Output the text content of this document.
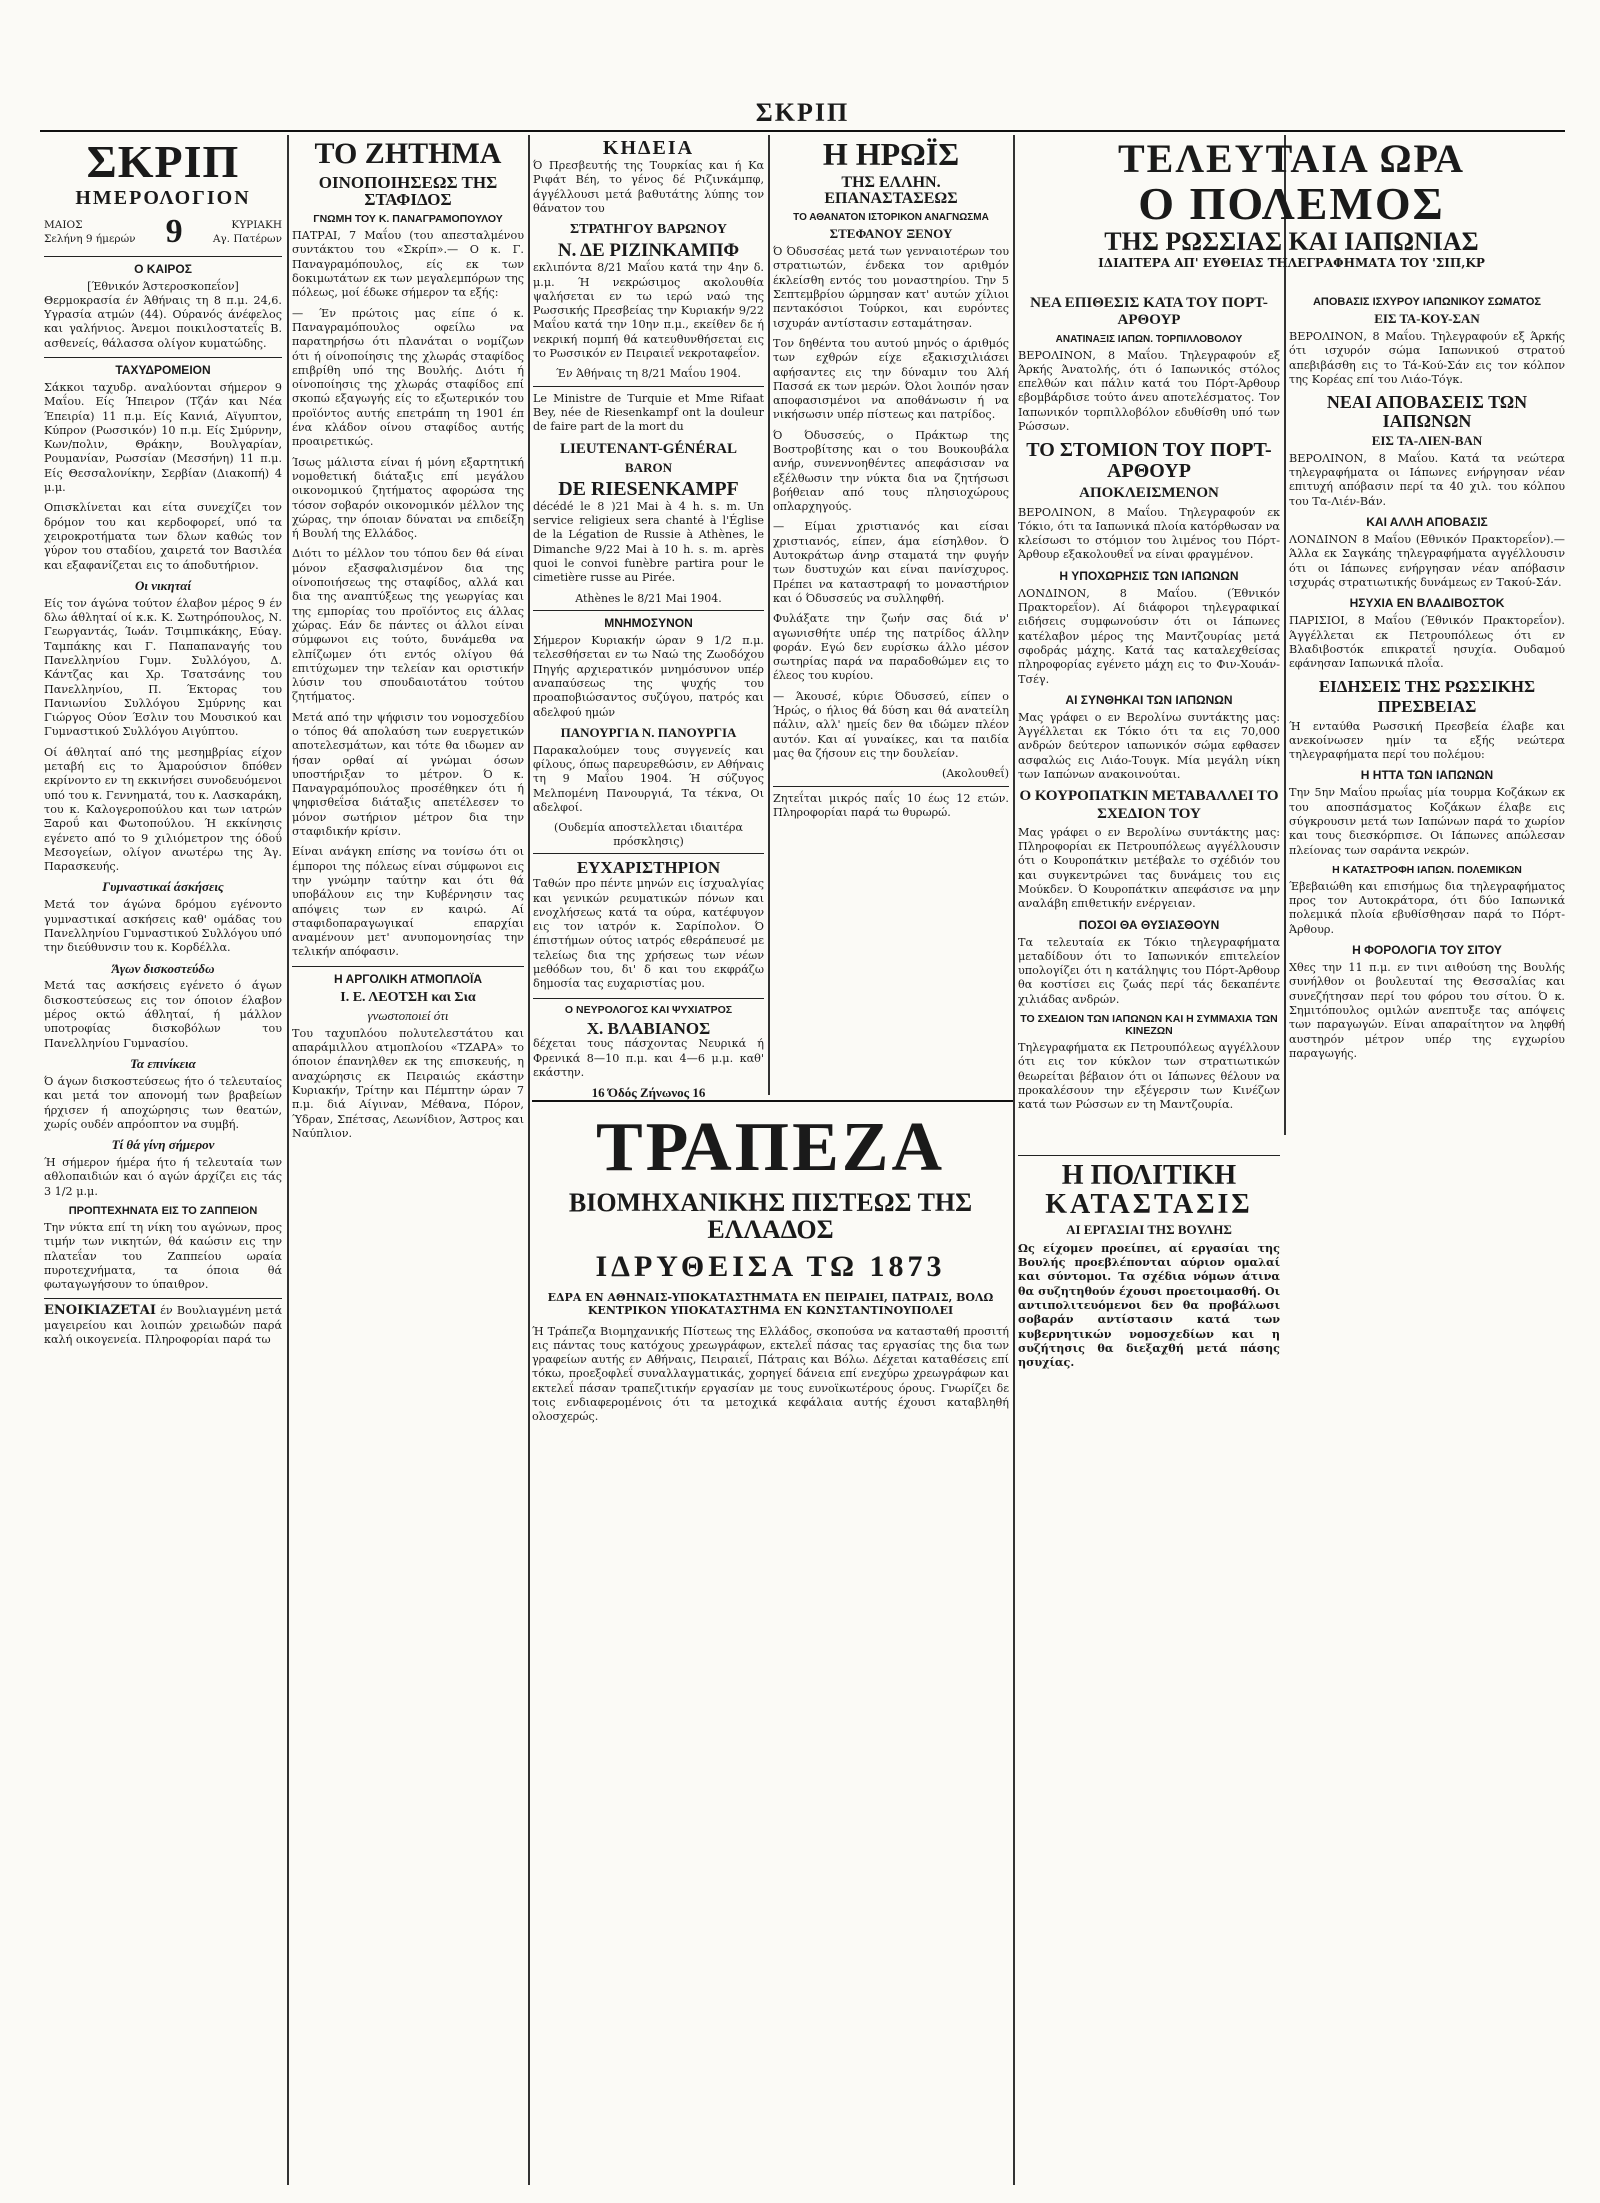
ΣΚΡΙΠ
ΣΚΡΙΠ
ΗΜΕΡΟΛΟΓΙΟΝ
ΜΑΙΟΣ
Σελήνη 9 ήμερών 9	ΚΥΡΙΑΚΗ
Αγ. Πατέρων
Ο ΚΑΙΡΟΣ
[Έθνικόν Άστεροσκοπεΐον]

Θερμοκρασία έν Άθήναις τη 8 π.μ. 24,6. Υγρασία ατμών (44). Ούρανός άνέφελος και γαλήνιος. Άνεμοι ποικιλοστατεΐς Β. ασθενείς, θάλασσα ολίγον κυματώδης.

ΤΑΧΥΔΡΟΜΕΙΟΝ

Σάκκοι ταχυδρ. αναλύονται σήμερον 9 Μαΐου. Είς Ήπειρον (Τζάν και Νέα Έπειρία) 11 π.μ. Είς Κανιά, Αϊγυπτον, Κύπρον (Ρωσσικόν) 10 π.μ. Είς Σμύρνην, Κων/πολιν, Θράκην, Βουλγαρίαν, Ρουμανίαν, Ρωσσίαν (Μεσσήνη) 11 π.μ. Είς Θεσσαλονίκην, Σερβίαν (Διακοπή) 4 μ.μ.

Οπισκλίνεται και είτα συνεχίζει τον δρόμον του και κερδοφορεί, υπό τα χειροκροτήματα των δλων καθώς τον γύρον του σταδίου, χαιρετά τον Βασιλέα και εξαφανίζεται εις το άποδυτήριον.

Οι νικηταί

Είς τον άγώνα τούτον έλαβον μέρος 9 έν δλω άθληταί οί κ.κ. Κ. Σωτηρόπουλος, Ν. Γεωργαντάς, Ίωάν. Τσιμπικάκης, Εύαγ. Ταμπάκης και Γ. Παπαπαναγής του Πανελληνίου Γυμν. Συλλόγου, Δ. Κάντζας και Χρ. Τσατσάνης του Πανελληνίου, Π. Έκτορας του Πανιωνίου Συλλόγου Σμύρνης και Γιώργος Ούον Έσλιν του Μουσικού και Γυμναστικού Συλλόγου Αιγύπτου.

Οί άθληταί από της μεσημβρίας είχον μεταβή εις το Άμαρούσιον δπόθεν εκρίνοντο εν τη εκκινήσει συνοδευόμενοι υπό του κ. Γεννηματά, του κ. Λασκαράκη, του κ. Καλογεροπούλου και των ιατρών Ξαροΰ και Φωτοπούλου. Ή εκκίνησις εγένετο από το 9 χιλιόμετρον της όδοΰ Μεσογείων, ολίγον ανωτέρω της Άγ. Παρασκευής.

Γυμναστικαί άσκήσεις

Μετά τον άγώνα δρόμου εγένοντο γυμναστικαί ασκήσεις καθ' ομάδας του Πανελληνίου Γυμναστικού Συλλόγου υπό την διεύθυνσιν του κ. Κορδέλλα.

Άγων δισκοστεύδω

Μετά τας ασκήσεις εγένετο ό άγων δισκοστεύσεως εις τον όποιον έλαβον μέρος οκτώ άθληταί, ή μάλλον υποτροφίας δισκοβόλων του Πανελληνίου Γυμνασίου.

Τα επινίκεια

Ό άγων δισκοστεύσεως ήτο ό τελευταίος και μετά τον απονομή των βραβείων ήρχισεν ή αποχώρησις των θεατών, χωρίς ουδέν απρόοπτον να συμβή.

Τί θά γίνη σήμερον

Ή σήμερον ήμέρα ήτο ή τελευταία των αθλοπαιδιών και ό αγών άρχίζει εις τάς 3 1/2 μ.μ.

ΠΡΟΠΤΕΧΗΝΑΤΑ ΕΙΣ ΤΟ ΖΑΠΠΕΙΟΝ

Την νύκτα επί τη νίκη του αγώνων, προς τιμήν των νικητών, θά καώσιν εις την πλατεΐαν του Ζαππείου ωραία πυροτεχνήματα, τα όποια θά φωταγωγήσουν το ύπαιθρον.

ΕΝΟΙΚΙΑΖΕΤΑΙ έν Βουλιαγμένη μετά μαγειρείου και λοιπών χρειωδών παρά καλή οικογενεία. Πληροφορίαι παρά τω

ΤΟ ΖΗΤΗΜΑ
ΟΙΝΟΠΟΙΗΣΕΩΣ ΤΗΣ ΣΤΑΦΙΔΟΣ
ΓΝΩΜΗ ΤΟΥ Κ. ΠΑΝΑΓΡΑΜΟΠΟΥΛΟΥ

ΠΑΤΡΑΙ, 7 Μαΐου (του απεσταλμένου συντάκτου του «Σκρίπ».— Ο κ. Γ. Παναγραμόπουλος, είς εκ των δοκιμωτάτων εκ των μεγαλεμπόρων της πόλεως, μοί έδωκε σήμερον τα εξής:

— Έν πρώτοις μας είπε ό κ. Παναγραμόπουλος οφείλω να παρατηρήσω ότι πλανάται ο νομίζων ότι ή οίνοποίησις της χλωράς σταφίδος επιβρίθη υπό της Βουλής. Διότι ή οίνοποίησις της χλωράς σταφίδος επί σκοπώ εξαγωγής είς το εξωτερικόν του προϊόντος αυτής επετράπη τη 1901 έπ ένα κλάδον οίνου σταφίδος αυτής προαιρετικώς.

Ίσως μάλιστα είναι ή μόνη εξαρτητική νομοθετική διάταξις επί μεγάλου οικονομικού ζητήματος αφορώσα της τόσον σοβαρόν οικονομικόν μέλλον της χώρας, την όποιαν δύναται να επιδείξη ή Βουλή της Ελλάδος.

Διότι το μέλλον του τόπου δεν θά είναι μόνον εξασφαλισμένον δια της οίνοποιήσεως της σταφίδος, αλλά και δια της αναπτύξεως της γεωργίας και της εμπορίας του προϊόντος εις άλλας χώρας. Εάν δε πάντες οι άλλοι είναι σύμφωνοι εις τούτο, δυνάμεθα να ελπίζωμεν ότι εντός ολίγου θά επιτύχωμεν την τελείαν και οριστικήν λύσιν του σπουδαιοτάτου τούτου ζητήματος.

Μετά από την ψήφισιν του νομοσχεδίου ο τόπος θά απολαύση των ευεργετικών αποτελεσμάτων, και τότε θα ιδωμεν αν ήσαν ορθαί αί γνώμαι όσων υποστήριξαν το μέτρον. Ό κ. Παναγραμόπουλος προσέθηκεν ότι ή ψηφισθεΐσα διάταξις απετέλεσεν το μόνον σωτήριον μέτρον δια την σταφιδικήν κρίσιν.

Είναι ανάγκη επίσης να τονίσω ότι οι έμποροι της πόλεως είναι σύμφωνοι εις την γνώμην ταύτην και ότι θά υποβάλουν εις την Κυβέρνησιν τας απόψεις των εν καιρώ. Αί σταφιδοπαραγωγικαί επαρχίαι αναμένουν μετ' ανυπομονησίας την τελικήν απόφασιν.

Η ΑΡΓΟΛΙΚΗ ΑΤΜΟΠΛΟΪΑ
Ι. Ε. ΛΕΟΤΣΗ και Σια
γνωστοποιεί ότι

Του ταχυπλόου πολυτελεστάτου και απαράμιλλου ατμοπλοίου «ΤΖΑΡΑ» το όποιον έπανηλθεν εκ της επισκευής, η αναχώρησις εκ Πειραιώς εκάστην Κυριακήν, Τρίτην και Πέμπτην ώραν 7 π.μ. διά Αίγιναν, Μέθανα, Πόρον, Ύδραν, Σπέτσας, Λεωνίδιον, Άστρος και Ναύπλιον.

ΚΗΔΕΙΑ

Ό Πρεσβευτής της Τουρκίας και ή Κα Ριφάτ Βέη, το γένος δέ Ριζινκάμπφ, άγγέλλουσι μετά βαθυτάτης λύπης τον θάνατον του

ΣΤΡΑΤΗΓΟΥ ΒΑΡΩΝΟΥ
Ν. ΔΕ ΡΙΖΙΝΚΑΜΠΦ

εκλιπόντα 8/21 Μαΐου κατά την 4ην δ. μ.μ. Ή νεκρώσιμος ακολουθία ψαλήσεται εν τω ιερώ ναώ της Ρωσσικής Πρεσβείας την Κυριακήν 9/22 Μαΐου κατά την 10ην π.μ., εκείθεν δε ή νεκρική πομπή θά κατευθυνθήσεται εις το Ρωσσικόν εν Πειραιεΐ νεκροταφεΐον.

Έν Άθήναις τη 8/21 Μαΐου 1904.

Le Ministre de Turquie et Mme Rifaat Bey, née de Riesenkampf ont la douleur de faire part de la mort du

LIEUTENANT-GÉNÉRAL
BARON
DE RIESENKAMPF

décédé le 8 )21 Mai à 4 h. s. m. Un service religieux sera chanté à l'Église de la Légation de Russie à Athènes, le Dimanche 9/22 Mai à 10 h. s. m. après quoi le convoi funèbre partira pour le cimetière russe au Pirée.

Athènes le 8/21 Mai 1904.
ΜΝΗΜΟΣΥΝΟΝ

Σήμερον Κυριακήν ώραν 9 1/2 π.μ. τελεσθήσεται εν τω Ναώ της Ζωοδόχου Πηγής αρχιερατικόν μνημόσυνον υπέρ αναπαύσεως της ψυχής του προαποβιώσαντος συζύγου, πατρός και αδελφού ημών

ΠΑΝΟΥΡΓΙΑ Ν. ΠΑΝΟΥΡΓΙΑ

Παρακαλούμεν τους συγγενείς και φίλους, όπως παρευρεθώσιν, εν Αθήναις τη 9 Μαΐου 1904. Ή σύζυγος Μελπομένη Πανουργιά, Τα τέκνα, Οι αδελφοί.

(Ουδεμία αποστελλεται ιδιαιτέρα πρόσκλησις)
ΕΥΧΑΡΙΣΤΗΡΙΟΝ

Ταθών προ πέντε μηνών εις ίσχυαλγίας και γενικών ρευματικών πόνων και ενοχλήσεως κατά τα ούρα, κατέφυγον εις τον ιατρόν κ. Σαρίπολον. Ό έπιστήμων ούτος ιατρός εθεράπευσέ με τελείως δια της χρήσεως των νέων μεθόδων του, δι' δ και του εκφράζω δημοσία τας ευχαριστίας μου.

Ο ΝΕΥΡΟΛΟΓΟΣ ΚΑΙ ΨΥΧΙΑΤΡΟΣ
Χ. ΒΛΑΒΙΑΝΟΣ

δέχεται τους πάσχοντας Νευρικά ή Φρενικά 8—10 π.μ. και 4—6 μ.μ. καθ' εκάστην.

16 Όδός Ζήνωνος 16

Η ΗΡΩΪΣ
ΤΗΣ ΕΛΛΗΝ. ΕΠΑΝΑΣΤΑΣΕΩΣ
ΤΟ ΑΘΑΝΑΤΟΝ ΙΣΤΟΡΙΚΟΝ ΑΝΑΓΝΩΣΜΑ
ΣΤΕΦΑΝΟΥ ΞΕΝΟΥ

Ό Όδυσσέας μετά των γενναιοτέρων του στρατιωτών, ένδεκα τον αριθμόν έκλείσθη εντός του μοναστηρίου. Την 5 Σεπτεμβρίου ώρμησαν κατ' αυτών χίλιοι πεντακόσιοι Τούρκοι, και ευρόντες ισχυράν αντίστασιν εσταμάτησαν.

Τον δηθέντα του αυτού μηνός ο άριθμός των εχθρών είχε εξακισχιλιάσει αφήσαντες εις την δύναμιν του Άλή Πασσά εκ των μερών. Όλοι λοιπόν ησαν αποφασισμένοι να αποθάνωσιν ή να νικήσωσιν υπέρ πίστεως και πατρίδος.

Ό Όδυσσεύς, ο Πράκτωρ της Βοστροβίτσης και ο του Βουκουβάλα ανήρ, συνεννοηθέντες απεφάσισαν να εξέλθωσιν την νύκτα δια να ζητήσωσι βοήθειαν από τους πλησιοχώρους οπλαρχηγούς.

— Είμαι χριστιανός και είσαι χριστιανός, είπεν, άμα είσηλθον. Ό Αυτοκράτωρ άνηρ σταματά την φυγήν των δυστυχών και είναι πανίσχυρος. Πρέπει να καταστραφή το μοναστήριον και ό Όδυσσεύς να συλληφθή.

Φυλάξατε την ζωήν σας διά ν' αγωνισθήτε υπέρ της πατρίδος άλλην φοράν. Εγώ δεν ευρίσκω άλλο μέσον σωτηρίας παρά να παραδοθώμεν εις το έλεος του κυρίου.

— Άκουσέ, κύριε Όδυσσεύ, είπεν ο Ήρώς, ο ήλιος θά δύση και θά ανατείλη πάλιν, αλλ' ημείς δεν θα ιδώμεν πλέον αυτόν. Και αί γυναίκες, και τα παιδία μας θα ζήσουν εις την δουλείαν.

(Ακολουθεΐ)

Ζητεΐται μικρός παΐς 10 έως 12 ετών. Πληροφορίαι παρά τω θυρωρώ.

ΤΕΛΕΥΤΑΙΑ ΩΡΑ
Ο ΠΟΛΕΜΟΣ
ΤΗΣ ΡΩΣΣΙΑΣ ΚΑΙ ΙΑΠΩΝΙΑΣ
ΙΔΙΑΙΤΕΡΑ ΑΠ' ΕΥΘΕΙΑΣ ΤΗΛΕΓΡΑΦΗΜΑΤΑ ΤΟΥ 'ΣΙΠ,ΚΡ
ΝΕΑ ΕΠΙΘΕΣΙΣ ΚΑΤΑ ΤΟΥ ΠΟΡΤ-ΑΡΘΟΥΡ
ΑΝΑΤΙΝΑΞΙΣ ΙΑΠΩΝ. ΤΟΡΠΙΛΛΟΒΟΛΟΥ

ΒΕΡΟΛΙΝΟΝ, 8 Μαΐου. Τηλεγραφούν εξ Άρκής Άνατολής, ότι ό Ιαπωνικός στόλος επελθών και πάλιν κατά του Πόρτ-Άρθουρ εβομβάρδισε τούτο άνευ αποτελέσματος. Τον Ιαπωνικόν τορπιλλοβόλον εδυθίσθη υπό των Ρώσσων.

ΤΟ ΣΤΟΜΙΟΝ ΤΟΥ ΠΟΡΤ-ΑΡΘΟΥΡ
ΑΠΟΚΛΕΙΣΜΕΝΟΝ

ΒΕΡΟΛΙΝΟΝ, 8 Μαΐου. Τηλεγραφούν εκ Τόκιο, ότι τα Ιαπωνικά πλοία κατόρθωσαν να κλείσωσι το στόμιον του λιμένος του Πόρτ-Άρθουρ εξακολουθεΐ να είναι φραγμένον.

Η ΥΠΟΧΩΡΗΣΙΣ ΤΩΝ ΙΑΠΩΝΩΝ

ΛΟΝΔΙΝΟΝ, 8 Μαΐου. (Έθνικόν Πρακτορεΐον). Αί διάφοροι τηλεγραφικαί ειδήσεις συμφωνούσιν ότι οι Ιάπωνες κατέλαβον μέρος της Μαντζουρίας μετά σφοδράς μάχης. Κατά τας καταλεχθείσας πληροφορίας εγένετο μάχη εις το Φιν-Χουάν-Τσέγ.

ΑΙ ΣΥΝΘΗΚΑΙ ΤΩΝ ΙΑΠΩΝΩΝ

Μας γράφει ο εν Βερολίνω συντάκτης μας: Άγγέλλεται εκ Τόκιο ότι τα εις 70,000 ανδρών δεύτερον ιαπωνικόν σώμα εφθασεν ασφαλώς εις Λιάο-Τουγκ. Μία μεγάλη νίκη των Ιαπώνων ανακοινούται.

Ο ΚΟΥΡΟΠΑΤΚΙΝ ΜΕΤΑΒΑΛΛΕΙ ΤΟ ΣΧΕΔΙΟΝ ΤΟΥ

Μας γράφει ο εν Βερολίνω συντάκτης μας: Πληροφορίαι εκ Πετρουπόλεως αγγέλλουσιν ότι ο Κουροπάτκιν μετέβαλε το σχέδιόν του και συγκεντρώνει τας δυνάμεις του εις Μούκδεν. Ό Κουροπάτκιν απεφάσισε να μην αναλάβη επιθετικήν ενέργειαν.

ΠΟΣΟΙ ΘΑ ΘΥΣΙΑΣΘΟΥΝ

Τα τελευταία εκ Τόκιο τηλεγραφήματα μεταδίδουν ότι το Ιαπωνικόν επιτελείον υπολογίζει ότι η κατάληψις του Πόρτ-Άρθουρ θα κοστίσει εις ζωάς περί τάς δεκαπέντε χιλιάδας ανδρών.

ΤΟ ΣΧΕΔΙΟΝ ΤΩΝ ΙΑΠΩΝΩΝ ΚΑΙ Η ΣΥΜΜΑΧΙΑ ΤΩΝ ΚΙΝΕΖΩΝ

Τηλεγραφήματα εκ Πετρουπόλεως αγγέλλουν ότι εις τον κύκλον των στρατιωτικών θεωρείται βέβαιον ότι οι Ιάπωνες θέλουν να προκαλέσουν την εξέγερσιν των Κινέζων κατά των Ρώσσων εν τη Μαντζουρία.

ΑΠΟΒΑΣΙΣ ΙΣΧΥΡΟΥ ΙΑΠΩΝΙΚΟΥ ΣΩΜΑΤΟΣ
ΕΙΣ ΤΑ-ΚΟΥ-ΣΑΝ

ΒΕΡΟΛΙΝΟΝ, 8 Μαΐου. Τηλεγραφούν εξ Άρκής ότι ισχυρόν σώμα Ιαπωνικού στρατού απεβιβάσθη εις το Τά-Κού-Σάν εις τον κόλπον της Κορέας επί του Λιάο-Τόγκ.

ΝΕΑΙ ΑΠΟΒΑΣΕΙΣ ΤΩΝ ΙΑΠΩΝΩΝ
ΕΙΣ ΤΑ-ΛΙΕΝ-ΒΑΝ

ΒΕΡΟΛΙΝΟΝ, 8 Μαΐου. Κατά τα νεώτερα τηλεγραφήματα οι Ιάπωνες ενήργησαν νέαν επιτυχή απόβασιν περί τα 40 χιλ. του κόλπου του Τα-Λιέν-Βάν.

ΚΑΙ ΑΛΛΗ ΑΠΟΒΑΣΙΣ

ΛΟΝΔΙΝΟΝ 8 Μαΐου (Εθνικόν Πρακτορεΐον).— Άλλα εκ Σαγκάης τηλεγραφήματα αγγέλλουσιν ότι οι Ιάπωνες ενήργησαν νέαν απόβασιν ισχυράς στρατιωτικής δυνάμεως εν Τακού-Σάν.

ΗΣΥΧΙΑ ΕΝ ΒΛΑΔΙΒΟΣΤΟΚ

ΠΑΡΙΣΙΟΙ, 8 Μαΐου (Έθνικόν Πρακτορεΐον). Άγγέλλεται εκ Πετρουπόλεως ότι εν Βλαδιβοστόκ επικρατεΐ ησυχία. Ουδαμού εφάνησαν Ιαπωνικά πλοΐα.

ΕΙΔΗΣΕΙΣ ΤΗΣ ΡΩΣΣΙΚΗΣ ΠΡΕΣΒΕΙΑΣ

Ή ενταύθα Ρωσσική Πρεσβεία έλαβε και ανεκοίνωσεν ημίν τα εξής νεώτερα τηλεγραφήματα περί του πολέμου:

Η ΗΤΤΑ ΤΩΝ ΙΑΠΩΝΩΝ

Την 5ην Μαΐου πρωΐας μία τουρμα Κοζάκων εκ του αποσπάσματος Κοζάκων έλαβε εις σύγκρουσιν μετά των Ιαπώνων παρά το χωρίον και τους διεσκόρπισε. Οι Ιάπωνες απώλεσαν πλείονας των σαράντα νεκρών.

Η ΚΑΤΑΣΤΡΟΦΗ ΙΑΠΩΝ. ΠΟΛΕΜΙΚΩΝ

Έβεβαιώθη και επισήμως δια τηλεγραφήματος προς τον Αυτοκράτορα, ότι δύο Ιαπωνικά πολεμικά πλοία εβυθίσθησαν παρά το Πόρτ-Άρθουρ.

Η ΦΟΡΟΛΟΓΙΑ ΤΟΥ ΣΙΤΟΥ

Χθες την 11 π.μ. εν τινι αιθούση της Βουλής συνήλθον οι βουλευταί της Θεσσαλίας και συνεζήτησαν περί του φόρου του σίτου. Ό κ. Σημιτόπουλος ομιλών ανεπτυξε τας απόψεις των παραγωγών. Είναι απαραίτητον να ληφθή αυστηρόν μέτρον υπέρ της εγχωρίου παραγωγής.

Η ΠΟΛΙΤΙΚΗ
ΚΑΤΑΣΤΑΣΙΣ
ΑΙ ΕΡΓΑΣΙΑΙ ΤΗΣ ΒΟΥΛΗΣ

Ως είχομεν προείπει, αί εργασίαι της Βουλής προεβλέπονται αύριον ομαλαί και σύντομοι. Τα σχέδια νόμων άτινα θα συζητηθούν έχουσι προετοιμασθή. Οι αντιπολιτευόμενοι δεν θα προβάλωσι σοβαράν αντίστασιν κατά των κυβερνητικών νομοσχεδίων και η συζήτησις θα διεξαχθή μετά πάσης ησυχίας.

ΤΡΑΠΕΖΑ
ΒΙΟΜΗΧΑΝΙΚΗΣ ΠΙΣΤΕΩΣ ΤΗΣ ΕΛΛΑΔΟΣ
ΙΔΡΥΘΕΙΣΑ ΤΩ 1873
ΕΔΡΑ ΕΝ ΑΘΗΝΑΙΣ-ΥΠΟΚΑΤΑΣΤΗΜΑΤΑ ΕΝ ΠΕΙΡΑΙΕΙ, ΠΑΤΡΑΙΣ, ΒΟΛΩ
ΚΕΝΤΡΙΚΟΝ ΥΠΟΚΑΤΑΣΤΗΜΑ ΕΝ ΚΩΝΣΤΑΝΤΙΝΟΥΠΟΛΕΙ

Ή Τράπεζα Βιομηχανικής Πίστεως της Ελλάδος, σκοπούσα να κατασταθή προσιτή εις πάντας τους κατόχους χρεωγράφων, εκτελεΐ πάσας τας εργασίας της δια των γραφείων αυτής εν Αθήναις, Πειραιεΐ, Πάτραις και Βόλω. Δέχεται καταθέσεις επί τόκω, προεξοφλεΐ συναλλαγματικάς, χορηγεί δάνεια επί ενεχύρω χρεωγράφων και εκτελεΐ πάσαν τραπεζιτικήν εργασίαν με τους ευνοϊκωτέρους όρους. Γνωρίζει δε τοις ενδιαφερομένοις ότι τα μετοχικά κεφάλαια αυτής έχουσι καταβληθή ολοσχερώς.
